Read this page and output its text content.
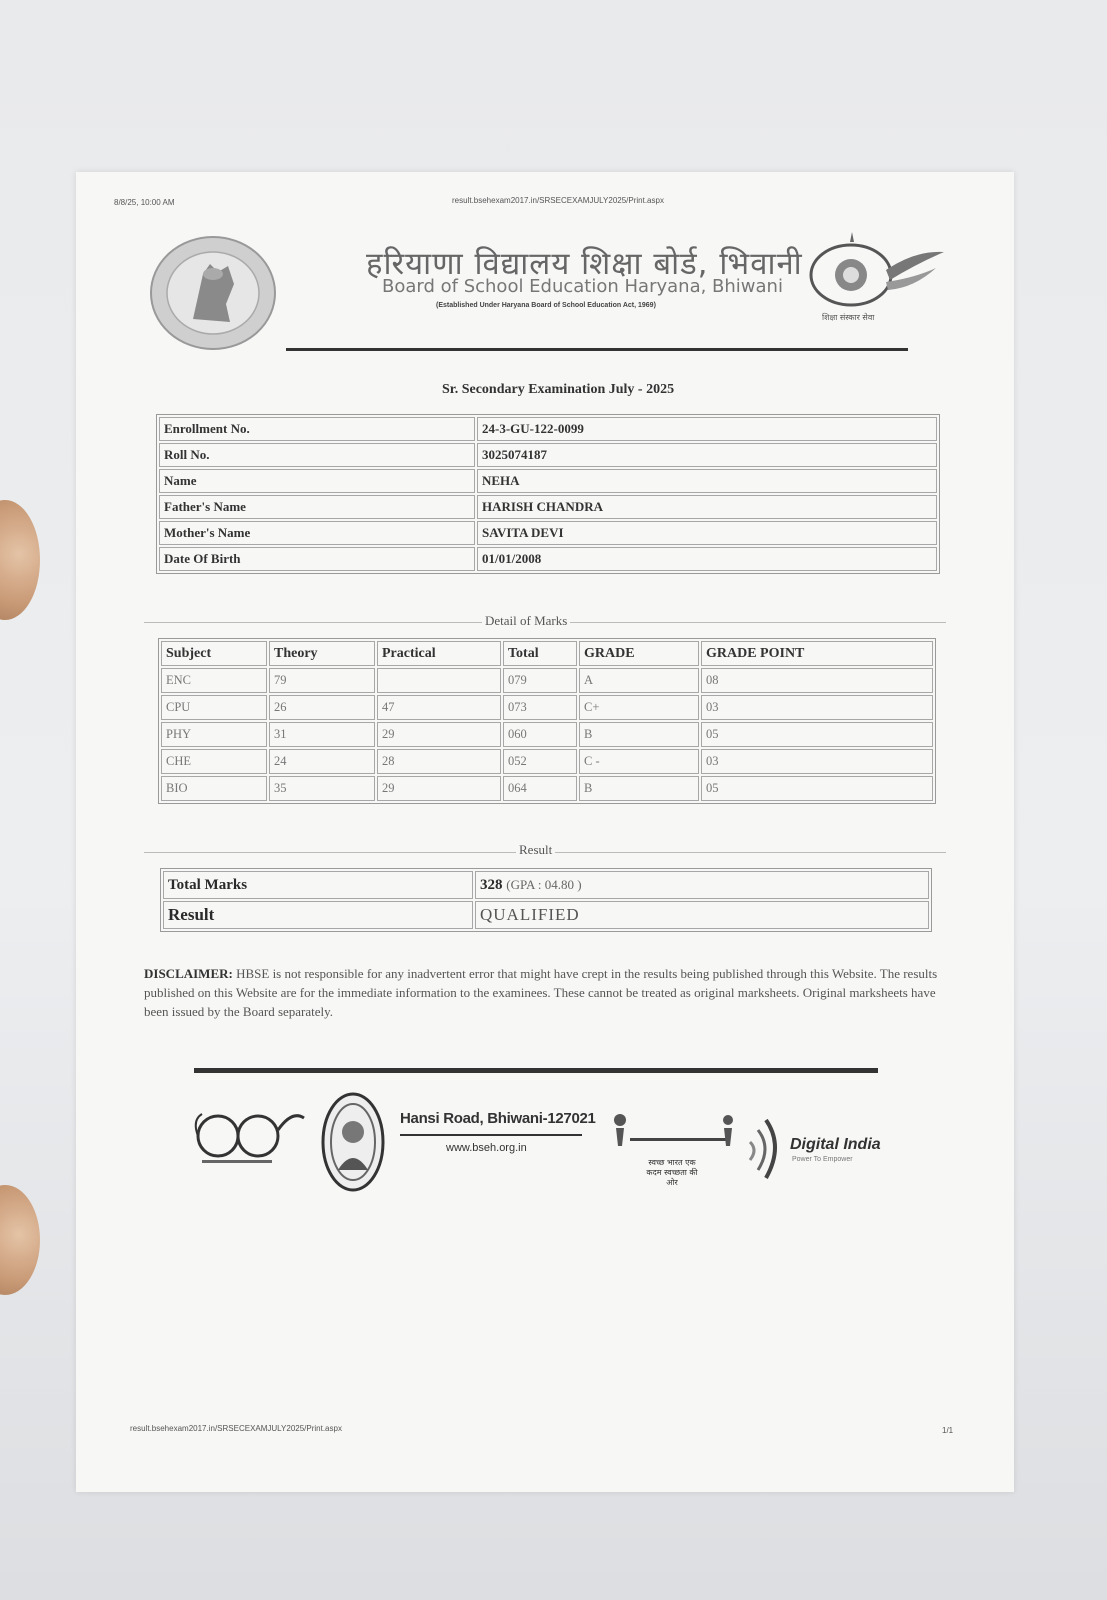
8/8/25, 10:00 AM	result.bsehexam2017.in/SRSECEXAMJULY2025/Print.aspx
हरियाणा विद्यालय शिक्षा बोर्ड, भिवानी
Board of School Education Haryana, Bhiwani
(Established Under Haryana Board of School Education Act, 1969)
शिक्षा संस्कार सेवा
Sr. Secondary Examination July - 2025
Enrollment No.	24-3-GU-122-0099
Roll No.	3025074187
Name	NEHA
Father's Name	HARISH CHANDRA
Mother's Name	SAVITA DEVI
Date Of Birth	01/01/2008
Detail of Marks
Subject	Theory	Practical	Total	GRADE	GRADE POINT
ENC	79		079	A	08
CPU	26	47	073	C+	03
PHY	31	29	060	B	05
CHE	24	28	052	C -	03
BIO	35	29	064	B	05
Result
Total Marks	328 (GPA : 04.80 )
Result	QUALIFIED
DISCLAIMER: HBSE is not responsible for any inadvertent error that might have crept in the results being published through this Website. The results published on this Website are for the immediate information to the examinees. These cannot be treated as original marksheets. Original marksheets have been issued by the Board separately.
Hansi Road, Bhiwani-127021
www.bseh.org.in
स्वच्छ भारत एक कदम स्वच्छता की ओर
Digital India
Power To Empower
result.bsehexam2017.in/SRSECEXAMJULY2025/Print.aspx	1/1
